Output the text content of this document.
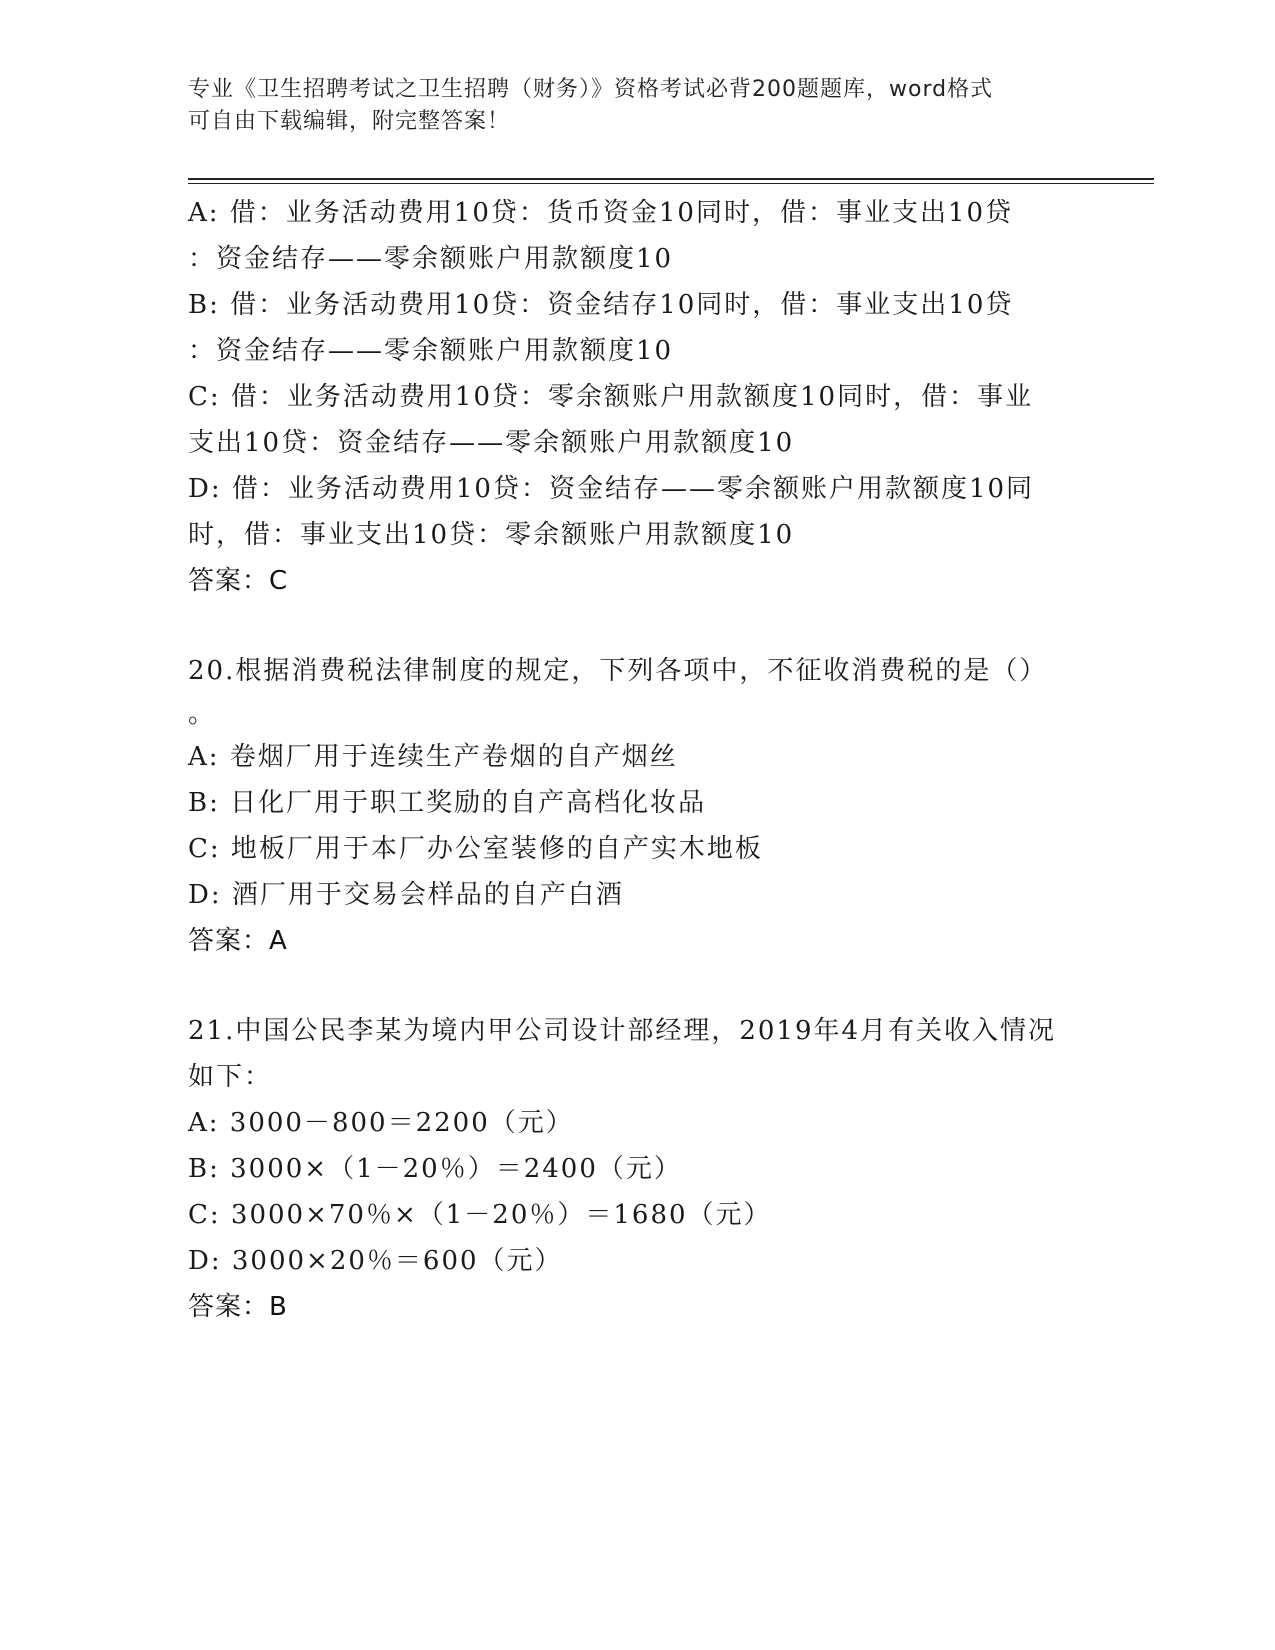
专业《卫生招聘考试之卫生招聘（财务）》资格考试必背200题题库，word格式
可自由下载编辑，附完整答案！
A: 借：业务活动费用10贷：货币资金10同时，借：事业支出10贷
：资金结存——零余额账户用款额度10
B: 借：业务活动费用10贷：资金结存10同时，借：事业支出10贷
：资金结存——零余额账户用款额度10
C: 借：业务活动费用10贷：零余额账户用款额度10同时，借：事业
支出10贷：资金结存——零余额账户用款额度10
D: 借：业务活动费用10贷：资金结存——零余额账户用款额度10同
时，借：事业支出10贷：零余额账户用款额度10
答案：C
20.根据消费税法律制度的规定，下列各项中，不征收消费税的是（）
。
A: 卷烟厂用于连续生产卷烟的自产烟丝
B: 日化厂用于职工奖励的自产高档化妆品
C: 地板厂用于本厂办公室装修的自产实木地板
D: 酒厂用于交易会样品的自产白酒
答案：A
21.中国公民李某为境内甲公司设计部经理，2019年4月有关收入情况
如下：
A: 3000－800＝2200（元）
B: 3000×（1－20％）＝2400（元）
C: 3000×70％×（1－20％）＝1680（元）
D: 3000×20％＝600（元）
答案：B
